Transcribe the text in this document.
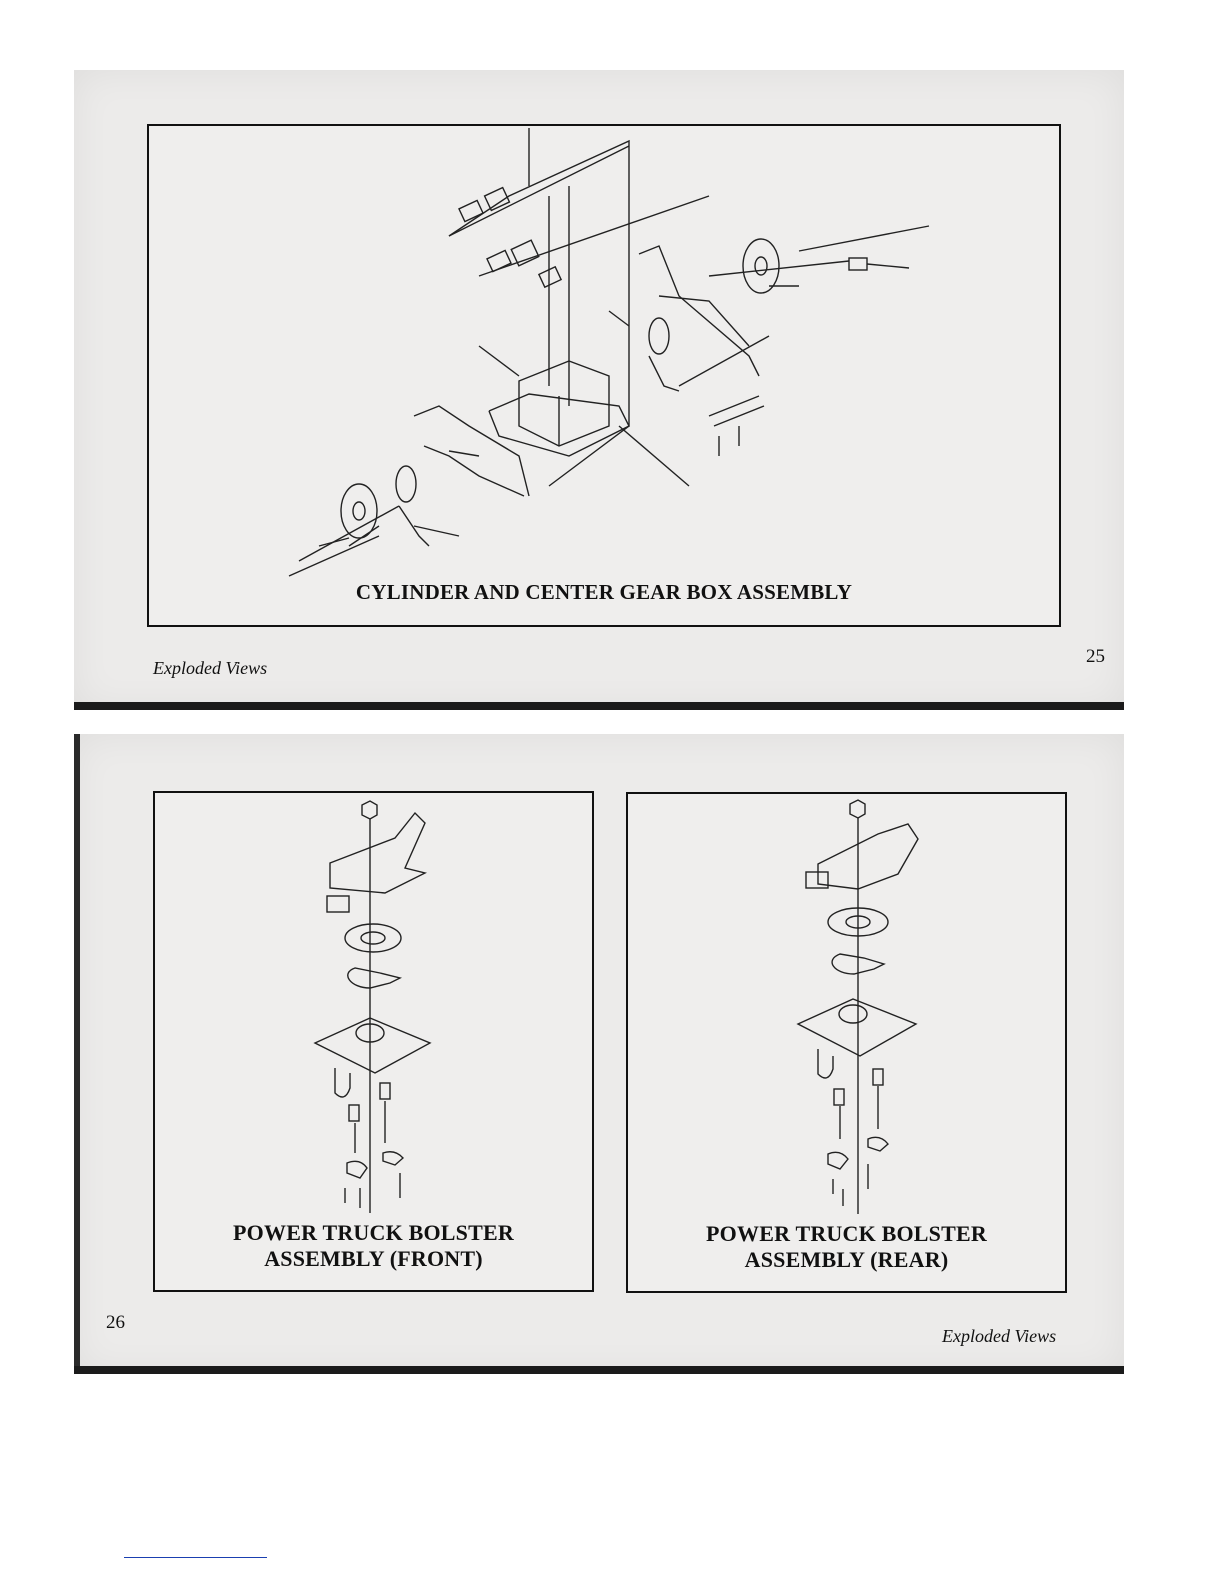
CYLINDER AND CENTER GEAR BOX ASSEMBLY
Exploded Views
25
POWER TRUCK BOLSTER
ASSEMBLY (FRONT)
POWER TRUCK BOLSTER
ASSEMBLY (REAR)
26
Exploded Views
